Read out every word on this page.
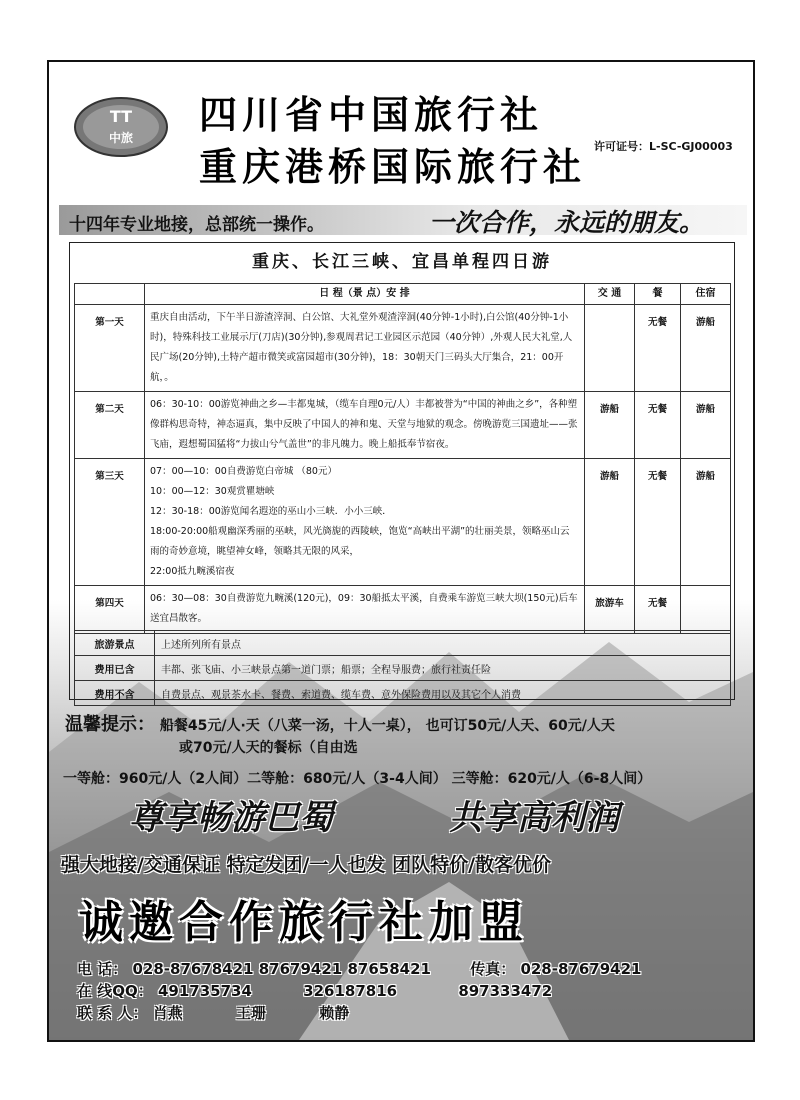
TT
中旅
四川省中国旅行社
重庆港桥国际旅行社 许可证号：L-SC-GJ00003
十四年专业地接，总部统一操作。	一次合作，永远的朋友。
重庆、长江三峡、宜昌单程四日游
	日 程（景 点）安 排	交 通	餐	住宿
第一天	重庆自由活动，下午半日游渣滓洞、白公馆、大礼堂外观渣滓洞(40分钟-1小时),白公馆(40分钟-1小时)，特殊科技工业展示厅(刀店)(30分钟),参观周君记工业园区示范园（40分钟）,外观人民大礼堂,人民广场(20分钟),土特产超市微笑或富园超市(30分钟)，18：30朝天门三码头大厅集合，21：00开航，。		无餐	游船
第二天	06：30-10：00游览神曲之乡—丰都鬼城，（缆车自理0元/人）丰都被誉为“中国的神曲之乡”，各种塑像群构思奇特，神态逼真，集中反映了中国人的神和鬼、天堂与地狱的观念。傍晚游览三国遗址——张飞庙，遐想蜀国猛将“力拔山兮气盖世”的非凡魄力。晚上船抵奉节宿夜。	游船	无餐	游船
第三天	07：00—10：00自费游览白帝城 （80元）
10：00—12：30观赏瞿塘峡
12：30-18：00游览闻名遐迩的巫山小三峡．小小三峡．
18:00-20:00船观幽深秀丽的巫峡，风光旖旎的西陵峡，饱览“高峡出平湖”的壮丽美景，领略巫山云雨的奇妙意境，眺望神女峰，领略其无限的风采，
22:00抵九畹溪宿夜	游船	无餐	游船
第四天	06：30—08：30自费游览九畹溪(120元)，09：30船抵太平溪，自费乘车游览三峡大坝(150元)后车送宜昌散客。	旅游车	无餐	
旅游景点	上述所列所有景点
费用已含	丰都、张飞庙、小三峡景点第一道门票；船票；全程导服费；旅行社责任险
费用不含	自费景点、观景茶水卡、餐费、索道费、缆车费、意外保险费用以及其它个人消费
温馨提示： 船餐45元/人·天（八菜一汤，十人一桌）， 也可订50元/人天、60元/人天
或70元/人天的餐标（自由选
一等舱：960元/人（2人间）二等舱：680元/人（3-4人间） 三等舱：620元/人（6-8人间）
尊享畅游巴蜀	共享高利润
强大地接/交通保证 特定发团/一人也发 团队特价/散客优价
诚邀合作旅行社加盟
电 话： 028-87678421 87679421 87658421	传真： 028-87679421
在 线QQ： 491735734	326187816	897333472
联 系 人： 肖燕	王珊	赖静
